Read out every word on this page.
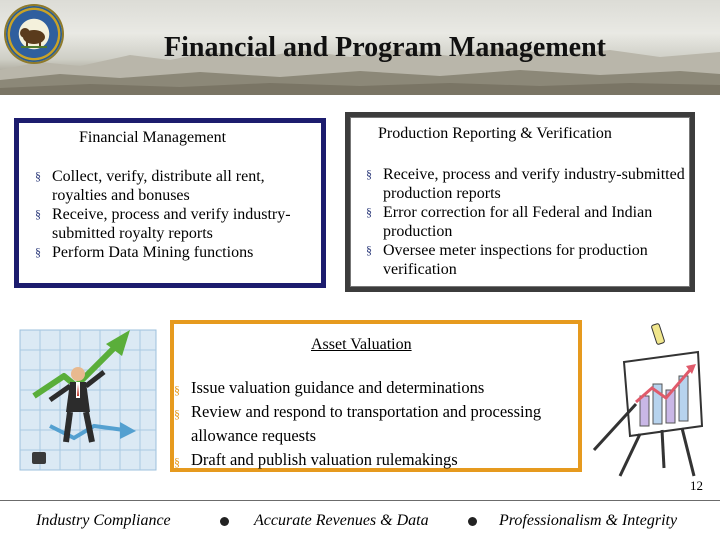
Financial and Program Management
Financial Management
§ Collect, verify, distribute all rent, royalties and bonuses
§ Receive, process and verify industry-submitted royalty reports
§ Perform Data Mining functions
Production Reporting & Verification
§ Receive, process and verify industry-submitted production reports
§ Error correction for all Federal and Indian production
§ Oversee meter inspections for production verification
Asset Valuation
§ Issue valuation guidance and determinations
§ Review and respond to transportation and processing allowance requests
§ Draft and publish valuation rulemakings
12
Industry Compliance	Accurate Revenues & Data	Professionalism & Integrity
